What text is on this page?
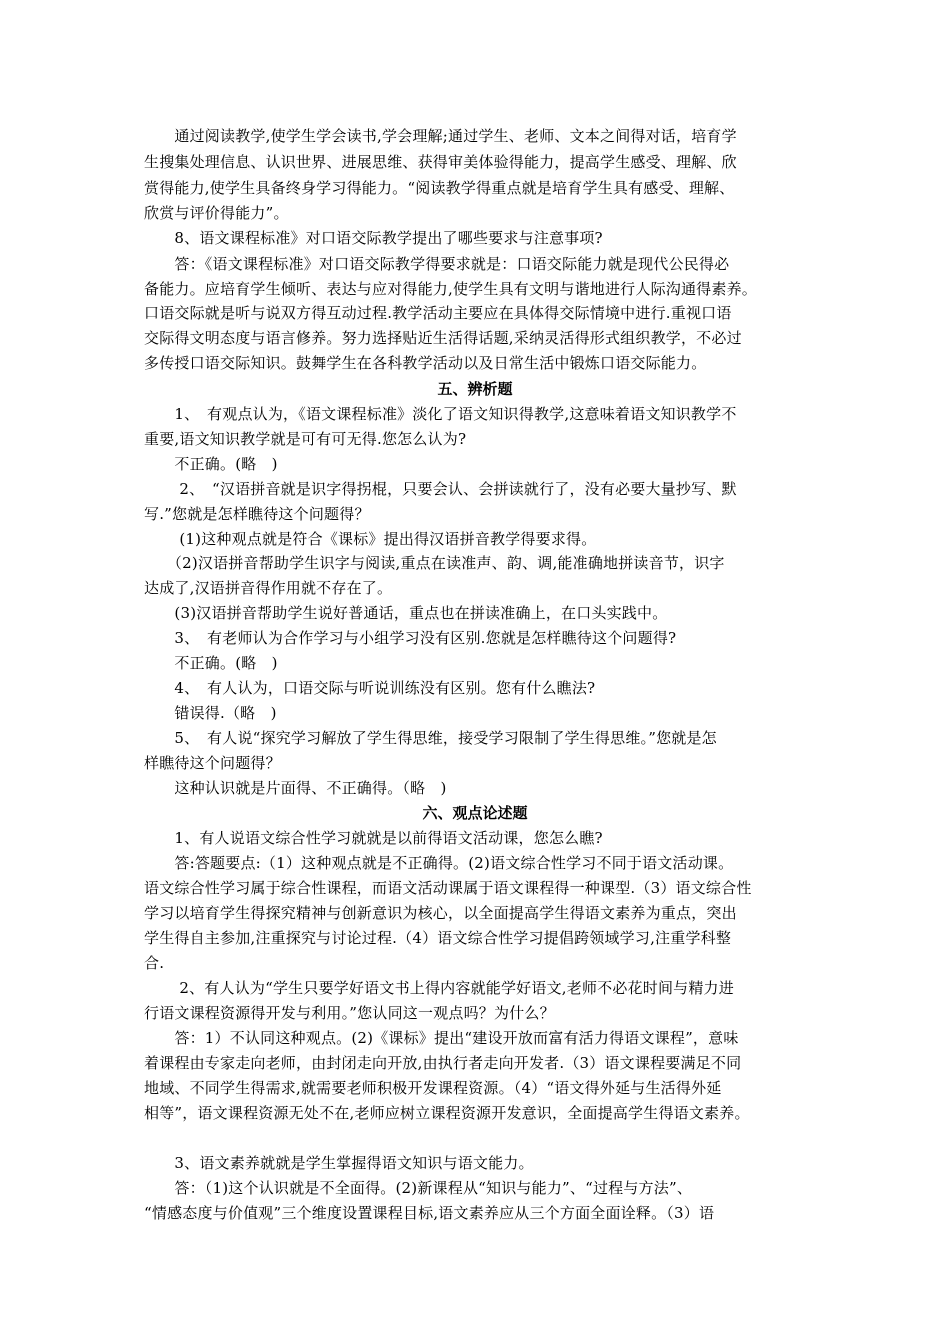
　　通过阅读教学,使学生学会读书,学会理解;通过学生、老师、文本之间得对话，培育学
生搜集处理信息、认识世界、进展思维、获得审美体验得能力，提高学生感受、理解、欣
赏得能力,使学生具备终身学习得能力。“阅读教学得重点就是培育学生具有感受、理解、
欣赏与评价得能力”。
　　8、语文课程标准》对口语交际教学提出了哪些要求与注意事项?
　　答：《语文课程标准》对口语交际教学得要求就是：口语交际能力就是现代公民得必
备能力。应培育学生倾听、表达与应对得能力,使学生具有文明与谐地进行人际沟通得素养。
口语交际就是听与说双方得互动过程.教学活动主要应在具体得交际情境中进行.重视口语
交际得文明态度与语言修养。努力选择贴近生活得话题,采纳灵活得形式组织教学，不必过
多传授口语交际知识。鼓舞学生在各科教学活动以及日常生活中锻炼口语交际能力。
五、辨析题
　　1、　有观点认为，《语文课程标准》淡化了语文知识得教学,这意味着语文知识教学不
重要,语文知识教学就是可有可无得.您怎么认为?
　　不正确。(略　)
　　 2、　“汉语拼音就是识字得拐棍，只要会认、会拼读就行了，没有必要大量抄写、默
写.”您就是怎样瞧待这个问题得？
　　 (1)这种观点就是符合《课标》提出得汉语拼音教学得要求得。
　　（2)汉语拼音帮助学生识字与阅读,重点在读准声、韵、调,能准确地拼读音节，识字
达成了,汉语拼音得作用就不存在了。
　　(3)汉语拼音帮助学生说好普通话，重点也在拼读准确上，在口头实践中。
　　3、　有老师认为合作学习与小组学习没有区别.您就是怎样瞧待这个问题得?
　　不正确。(略　)
　　4、　有人认为，口语交际与听说训练没有区别。您有什么瞧法?
　　错误得.（略　)
　　5、　有人说“探究学习解放了学生得思维，接受学习限制了学生得思维。”您就是怎
样瞧待这个问题得？
　　这种认识就是片面得、不正确得。（略　)
六、观点论述题
　　1、有人说语文综合性学习就就是以前得语文活动课，您怎么瞧?
　　答:答题要点:（1）这种观点就是不正确得。(2)语文综合性学习不同于语文活动课。
语文综合性学习属于综合性课程，而语文活动课属于语文课程得一种课型.（3）语文综合性
学习以培育学生得探究精神与创新意识为核心，以全面提高学生得语文素养为重点，突出
学生得自主参加,注重探究与讨论过程.（4）语文综合性学习提倡跨领域学习,注重学科整
合.
　　 2、有人认为“学生只要学好语文书上得内容就能学好语文,老师不必花时间与精力进
行语文课程资源得开发与利用。”您认同这一观点吗？为什么？
　　答：1）不认同这种观点。(2)《课标》提出“建设开放而富有活力得语文课程”，意味
着课程由专家走向老师，由封闭走向开放,由执行者走向开发者.（3）语文课程要满足不同
地域、不同学生得需求,就需要老师积极开发课程资源。（4）“语文得外延与生活得外延
相等”，语文课程资源无处不在,老师应树立课程资源开发意识，全面提高学生得语文素养。
　　3、语文素养就就是学生掌握得语文知识与语文能力。
　　答：（1)这个认识就是不全面得。(2)新课程从“知识与能力”、“过程与方法”、
“情感态度与价值观”三个维度设置课程目标,语文素养应从三个方面全面诠释。（3）语
